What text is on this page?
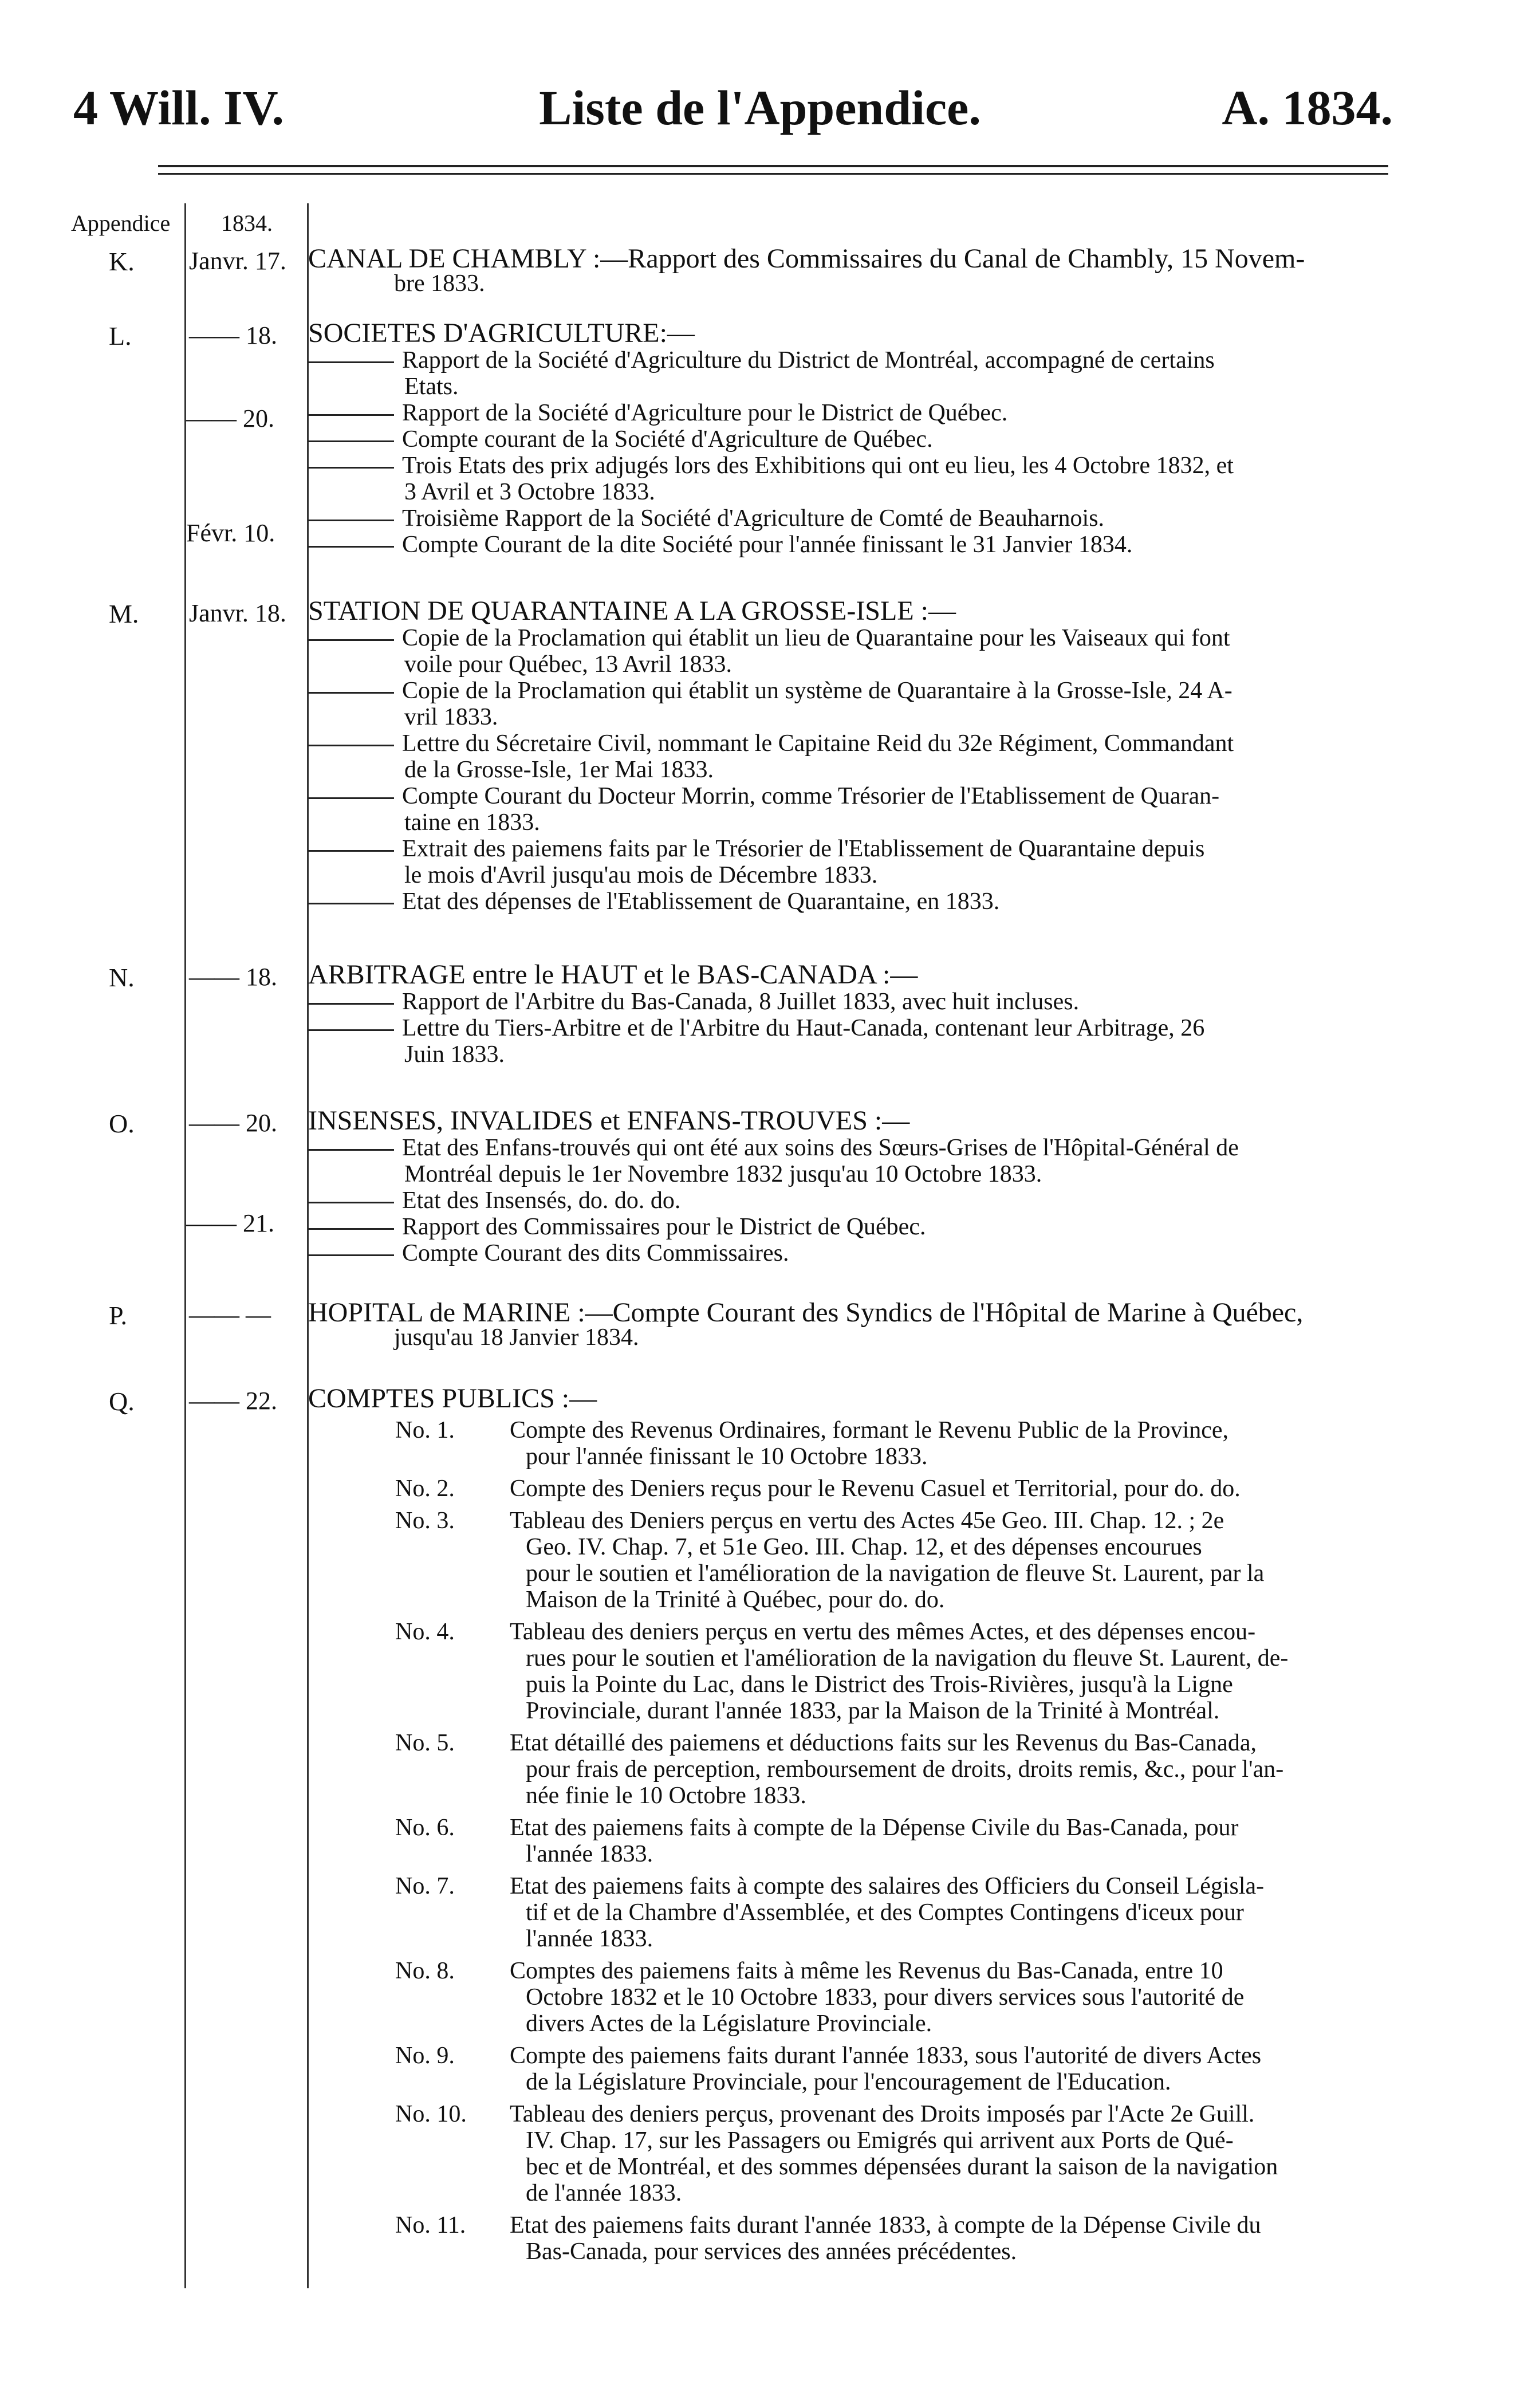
4 Will. IV.	Liste de l'Appendice.	A. 1834.
Appendice 1834.
K. Janvr. 17. CANAL DE CHAMBLY :—Rapport des Commissaires du Canal de Chambly, 15 Novem-
bre 1833.
L. —— 18. SOCIETES D'AGRICULTURE:—
Rapport de la Société d'Agriculture du District de Montréal, accompagné de certains
Etats.
Rapport de la Société d'Agriculture pour le District de Québec.
Compte courant de la Société d'Agriculture de Québec.
Trois Etats des prix adjugés lors des Exhibitions qui ont eu lieu, les 4 Octobre 1832, et
3 Avril et 3 Octobre 1833.
Troisième Rapport de la Société d'Agriculture de Comté de Beauharnois.
Compte Courant de la dite Société pour l'année finissant le 31 Janvier 1834.
—— 20.
Févr. 10.
M. Janvr. 18. STATION DE QUARANTAINE A LA GROSSE-ISLE :—
Copie de la Proclamation qui établit un lieu de Quarantaine pour les Vaiseaux qui font
voile pour Québec, 13 Avril 1833.
Copie de la Proclamation qui établit un système de Quarantaire à la Grosse-Isle, 24 A-
vril 1833.
Lettre du Sécretaire Civil, nommant le Capitaine Reid du 32e Régiment, Commandant
de la Grosse-Isle, 1er Mai 1833.
Compte Courant du Docteur Morrin, comme Trésorier de l'Etablissement de Quaran-
taine en 1833.
Extrait des paiemens faits par le Trésorier de l'Etablissement de Quarantaine depuis
le mois d'Avril jusqu'au mois de Décembre 1833.
Etat des dépenses de l'Etablissement de Quarantaine, en 1833.
N. —— 18. ARBITRAGE entre le HAUT et le BAS-CANADA :—
Rapport de l'Arbitre du Bas-Canada, 8 Juillet 1833, avec huit incluses.
Lettre du Tiers-Arbitre et de l'Arbitre du Haut-Canada, contenant leur Arbitrage, 26
Juin 1833.
O. —— 20. INSENSES, INVALIDES et ENFANS-TROUVES :—
Etat des Enfans-trouvés qui ont été aux soins des Sœurs-Grises de l'Hôpital-Général de
Montréal depuis le 1er Novembre 1832 jusqu'au 10 Octobre 1833.
Etat des Insensés, do. do. do.
Rapport des Commissaires pour le District de Québec.
Compte Courant des dits Commissaires.
—— 21.
P. —— — HOPITAL de MARINE :—Compte Courant des Syndics de l'Hôpital de Marine à Québec,
jusqu'au 18 Janvier 1834.
Q. —— 22. COMPTES PUBLICS :—
No. 1. Compte des Revenus Ordinaires, formant le Revenu Public de la Province,
pour l'année finissant le 10 Octobre 1833.
No. 2. Compte des Deniers reçus pour le Revenu Casuel et Territorial, pour do. do.
No. 3. Tableau des Deniers perçus en vertu des Actes 45e Geo. III. Chap. 12. ; 2e
Geo. IV. Chap. 7, et 51e Geo. III. Chap. 12, et des dépenses encourues
pour le soutien et l'amélioration de la navigation de fleuve St. Laurent, par la
Maison de la Trinité à Québec, pour do. do.
No. 4. Tableau des deniers perçus en vertu des mêmes Actes, et des dépenses encou-
rues pour le soutien et l'amélioration de la navigation du fleuve St. Laurent, de-
puis la Pointe du Lac, dans le District des Trois-Rivières, jusqu'à la Ligne
Provinciale, durant l'année 1833, par la Maison de la Trinité à Montréal.
No. 5. Etat détaillé des paiemens et déductions faits sur les Revenus du Bas-Canada,
pour frais de perception, remboursement de droits, droits remis, &c., pour l'an-
née finie le 10 Octobre 1833.
No. 6. Etat des paiemens faits à compte de la Dépense Civile du Bas-Canada, pour
l'année 1833.
No. 7. Etat des paiemens faits à compte des salaires des Officiers du Conseil Législa-
tif et de la Chambre d'Assemblée, et des Comptes Contingens d'iceux pour
l'année 1833.
No. 8. Comptes des paiemens faits à même les Revenus du Bas-Canada, entre 10
Octobre 1832 et le 10 Octobre 1833, pour divers services sous l'autorité de
divers Actes de la Législature Provinciale.
No. 9. Compte des paiemens faits durant l'année 1833, sous l'autorité de divers Actes
de la Législature Provinciale, pour l'encouragement de l'Education.
No. 10. Tableau des deniers perçus, provenant des Droits imposés par l'Acte 2e Guill.
IV. Chap. 17, sur les Passagers ou Emigrés qui arrivent aux Ports de Qué-
bec et de Montréal, et des sommes dépensées durant la saison de la navigation
de l'année 1833.
No. 11. Etat des paiemens faits durant l'année 1833, à compte de la Dépense Civile du
Bas-Canada, pour services des années précédentes.
